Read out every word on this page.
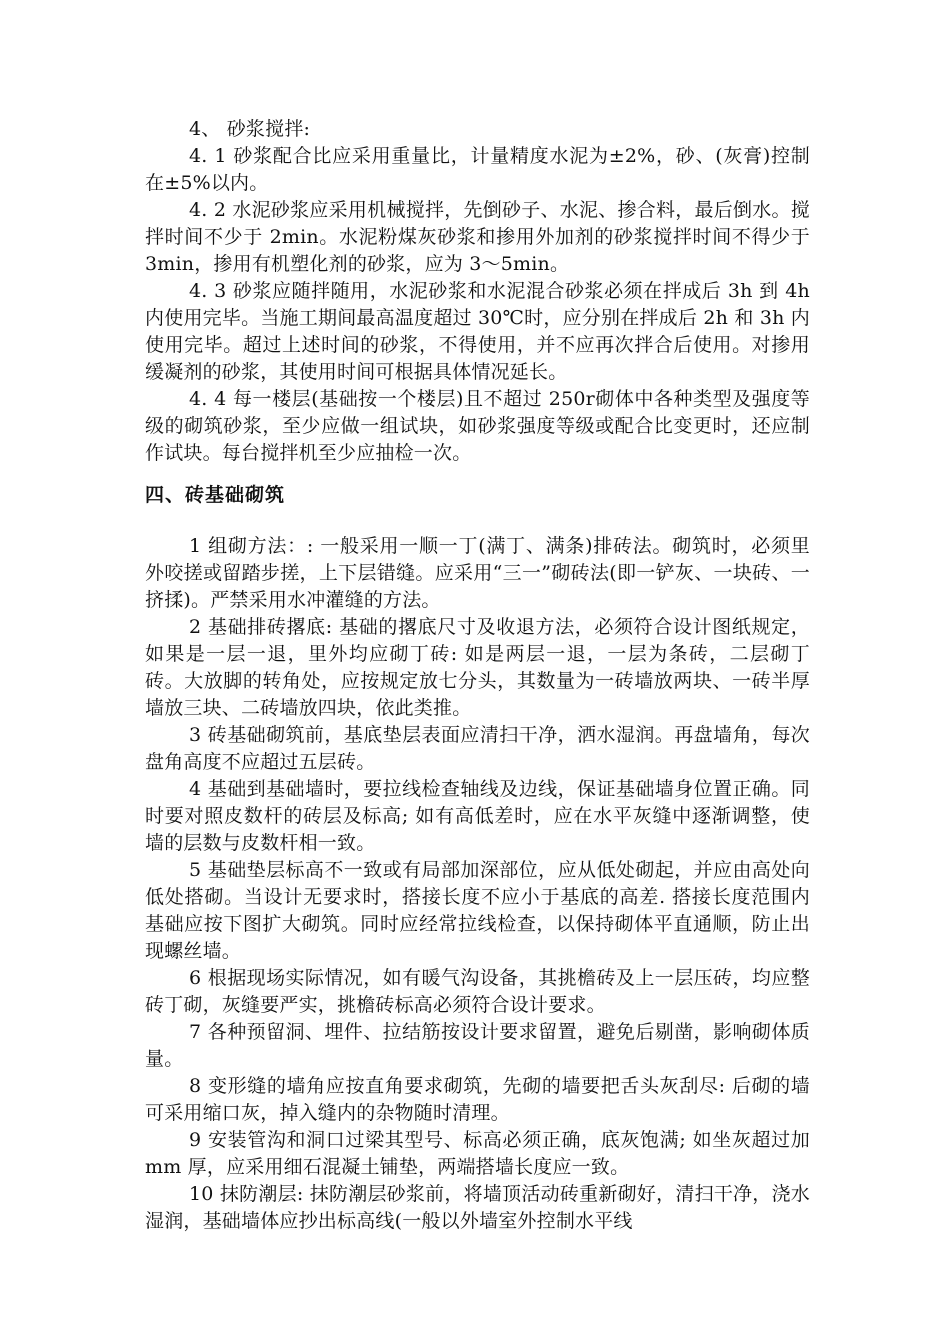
4、 砂浆搅拌:

4. 1 砂浆配合比应采用重量比，计量精度水泥为±2%，砂、(灰膏)控制在±5%以内。

4. 2 水泥砂浆应采用机械搅拌，先倒砂子、水泥、掺合料，最后倒水。搅拌时间不少于 2min。水泥粉煤灰砂浆和掺用外加剂的砂浆搅拌时间不得少于 3min，掺用有机塑化剂的砂浆，应为 3～5min。

4. 3 砂浆应随拌随用，水泥砂浆和水泥混合砂浆必须在拌成后 3h 到 4h 内使用完毕。当施工期间最高温度超过 30℃时，应分别在拌成后 2h 和 3h 内使用完毕。超过上述时间的砂浆，不得使用，并不应再次拌合后使用。对掺用缓凝剂的砂浆，其使用时间可根据具体情况延长。

4. 4 每一楼层(基础按一个楼层)且不超过 250r砌体中各种类型及强度等级的砌筑砂浆，至少应做一组试块，如砂浆强度等级或配合比变更时，还应制作试块。每台搅拌机至少应抽检一次。

四、砖基础砌筑

1 组砌方法：: 一般采用一顺一丁(满丁、满条)排砖法。砌筑时，必须里外咬搓或留踏步搓，上下层错缝。应采用“三一”砌砖法(即一铲灰、一块砖、一挤揉)。严禁采用水冲灌缝的方法。

2 基础排砖撂底: 基础的撂底尺寸及收退方法，必须符合设计图纸规定，如果是一层一退，里外均应砌丁砖: 如是两层一退，一层为条砖，二层砌丁砖。大放脚的转角处，应按规定放七分头，其数量为一砖墙放两块、一砖半厚墙放三块、二砖墙放四块，依此类推。

3 砖基础砌筑前，基底垫层表面应清扫干净，洒水湿润。再盘墙角，每次盘角高度不应超过五层砖。

4 基础到基础墙时，要拉线检查轴线及边线，保证基础墙身位置正确。同时要对照皮数杆的砖层及标高; 如有高低差时，应在水平灰缝中逐渐调整，使墙的层数与皮数杆相一致。

5 基础垫层标高不一致或有局部加深部位，应从低处砌起，并应由高处向低处搭砌。当设计无要求时，搭接长度不应小于基底的高差. 搭接长度范围内基础应按下图扩大砌筑。同时应经常拉线检查，以保持砌体平直通顺，防止出现螺丝墙。

6 根据现场实际情况，如有暖气沟设备，其挑檐砖及上一层压砖，均应整砖丁砌，灰缝要严实，挑檐砖标高必须符合设计要求。

7 各种预留洞、埋件、拉结筋按设计要求留置，避免后剔凿，影响砌体质量。

8 变形缝的墙角应按直角要求砌筑，先砌的墙要把舌头灰刮尽: 后砌的墙可采用缩口灰，掉入缝内的杂物随时清理。

9 安装管沟和洞口过梁其型号、标高必须正确，底灰饱满; 如坐灰超过加 mm 厚，应采用细石混凝土铺垫，两端搭墙长度应一致。

10 抹防潮层: 抹防潮层砂浆前，将墙顶活动砖重新砌好，清扫干净，浇水湿润，基础墙体应抄出标高线(一般以外墙室外控制水平线
